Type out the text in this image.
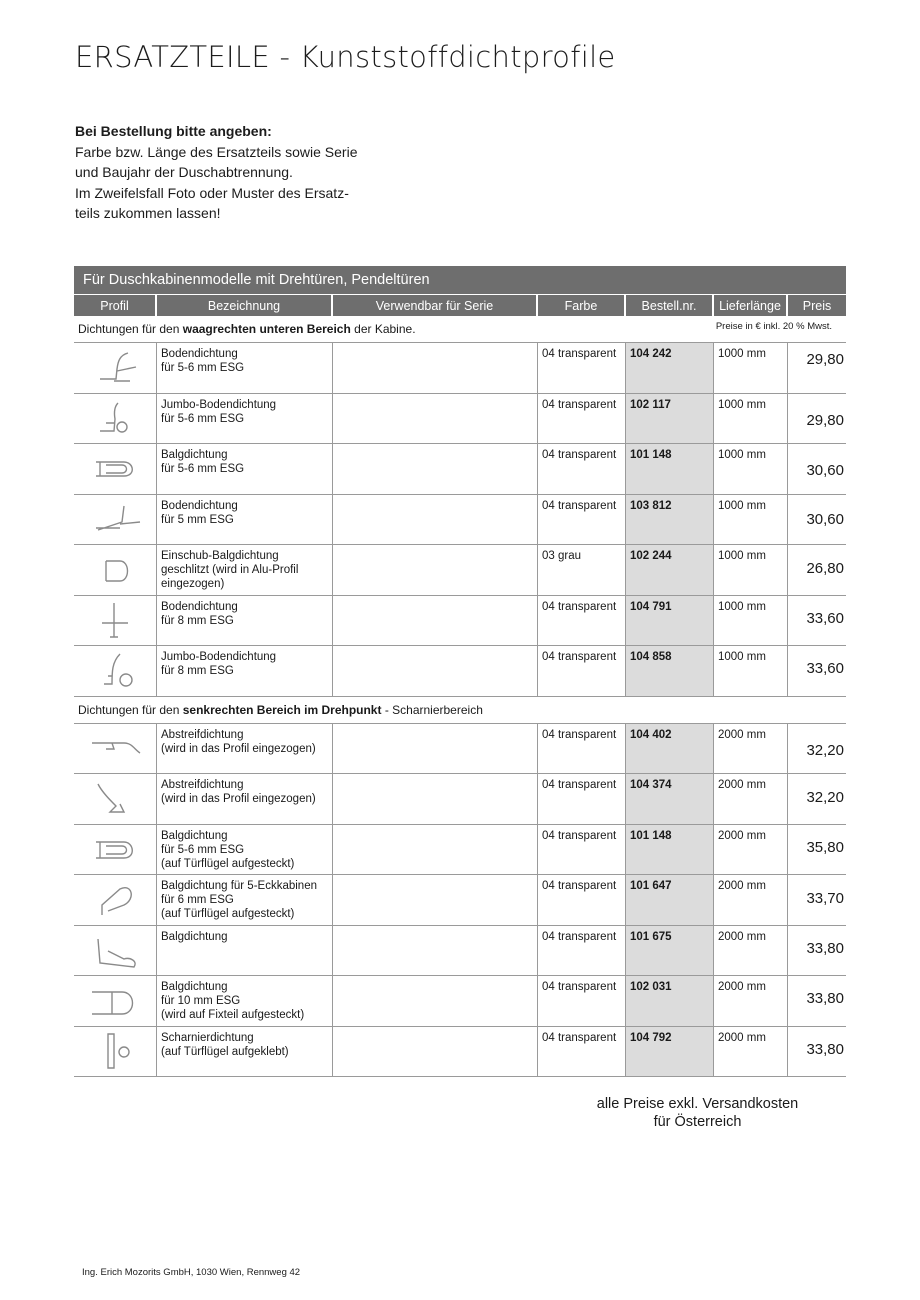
ERSATZTEILE - Kunststoffdichtprofile
Bei Bestellung bitte angeben:
Farbe bzw. Länge des Ersatzteils sowie Serie
und Baujahr der Duschabtrennung.
Im Zweifelsfall Foto oder Muster des Ersatz-
teils zukommen lassen!
Für Duschkabinenmodelle mit Drehtüren, Pendeltüren
Profil	Bezeichnung	Verwendbar für Serie	Farbe	Bestell.nr.	Lieferlänge	Preis
Dichtungen für den waagrechten unteren Bereich der Kabine.	Preise in € inkl. 20 % Mwst.
Bodendichtung
für 5-6 mm ESG
04 transparent	104 242	1000 mm	29,80
Jumbo-Bodendichtung
für 5-6 mm ESG
04 transparent	102 117	1000 mm
29,80
Balgdichtung
für 5-6 mm ESG
04 transparent	101 148	1000 mm
30,60
Bodendichtung
für 5 mm ESG
04 transparent	103 812	1000 mm
30,60
Einschub-Balgdichtung
geschlitzt (wird in Alu-Profil
eingezogen)
03 grau	102 244	1000 mm
26,80
Bodendichtung
für 8 mm ESG
04 transparent	104 791	1000 mm
33,60
Jumbo-Bodendichtung
für 8 mm ESG
04 transparent	104 858	1000 mm
33,60
Dichtungen für den senkrechten Bereich im Drehpunkt - Scharnierbereich
Abstreifdichtung
(wird in das Profil eingezogen)
04 transparent	104 402	2000 mm
32,20
Abstreifdichtung
(wird in das Profil eingezogen)
04 transparent	104 374	2000 mm
32,20
Balgdichtung
für 5-6 mm ESG
(auf Türflügel aufgesteckt)
04 transparent	101 148	2000 mm
35,80
Balgdichtung für 5-Eckkabinen
für 6 mm ESG
(auf Türflügel aufgesteckt)
04 transparent	101 647	2000 mm
33,70
Balgdichtung	04 transparent	101 675	2000 mm
33,80
Balgdichtung
für 10 mm ESG
(wird auf Fixteil aufgesteckt)
04 transparent	102 031	2000 mm
33,80
Scharnierdichtung
(auf Türflügel aufgeklebt)
04 transparent	104 792	2000 mm
33,80
alle Preise exkl. Versandkosten
für Österreich
Ing. Erich Mozorits GmbH, 1030 Wien, Rennweg 42
